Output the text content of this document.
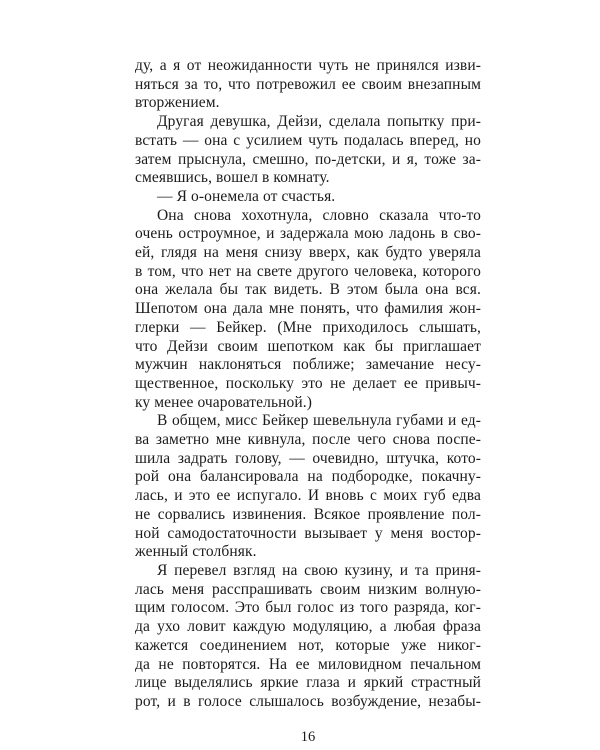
ду, а я от неожиданности чуть не принялся изви-
няться за то, что потревожил ее своим внезапным
вторжением.
Другая девушка, Дейзи, сделала попытку при-
встать — она с усилием чуть подалась вперед, но
затем прыснула, смешно, по-детски, и я, тоже за-
смеявшись, вошел в комнату.
— Я о-онемела от счастья.
Она снова хохотнула, словно сказала что-то
очень остроумное, и задержала мою ладонь в сво-
ей, глядя на меня снизу вверх, как будто уверяла
в том, что нет на свете другого человека, которого
она желала бы так видеть. В этом была она вся.
Шепотом она дала мне понять, что фамилия жон-
глерки — Бейкер. (Мне приходилось слышать,
что Дейзи своим шепотком как бы приглашает
мужчин наклоняться поближе; замечание несу-
щественное, поскольку это не делает ее привыч-
ку менее очаровательной.)
В общем, мисс Бейкер шевельнула губами и ед-
ва заметно мне кивнула, после чего снова поспе-
шила задрать голову, — очевидно, штучка, кото-
рой она балансировала на подбородке, покачну-
лась, и это ее испугало. И вновь с моих губ едва
не сорвались извинения. Всякое проявление пол-
ной самодостаточности вызывает у меня востор-
женный столбняк.
Я перевел взгляд на свою кузину, и та приня-
лась меня расспрашивать своим низким волную-
щим голосом. Это был голос из того разряда, ког-
да ухо ловит каждую модуляцию, а любая фраза
кажется соединением нот, которые уже никог-
да не повторятся. На ее миловидном печальном
лице выделялись яркие глаза и яркий страстный
рот, и в голосе слышалось возбуждение, незабы-
16
